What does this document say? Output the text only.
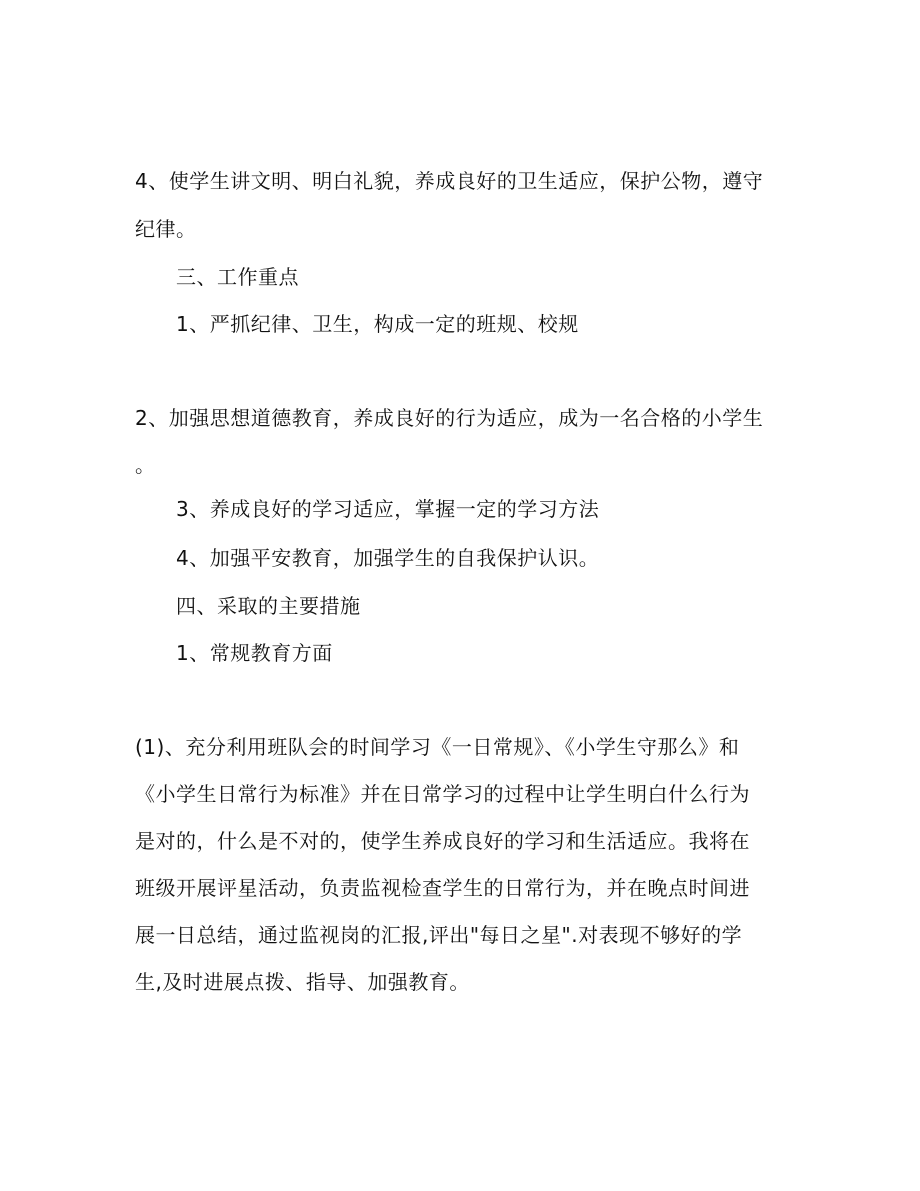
4、使学生讲文明、明白礼貌，养成良好的卫生适应，保护公物，遵守
纪律。
三、工作重点
1、严抓纪律、卫生，构成一定的班规、校规
2、加强思想道德教育，养成良好的行为适应，成为一名合格的小学生
。
3、养成良好的学习适应，掌握一定的学习方法
4、加强平安教育，加强学生的自我保护认识。
四、采取的主要措施
1、常规教育方面
(1)、充分利用班队会的时间学习《一日常规》、《小学生守那么》和
《小学生日常行为标准》并在日常学习的过程中让学生明白什么行为
是对的，什么是不对的，使学生养成良好的学习和生活适应。我将在
班级开展评星活动，负责监视检查学生的日常行为，并在晚点时间进
展一日总结，通过监视岗的汇报,评出"每日之星".对表现不够好的学
生,及时进展点拨、指导、加强教育。
